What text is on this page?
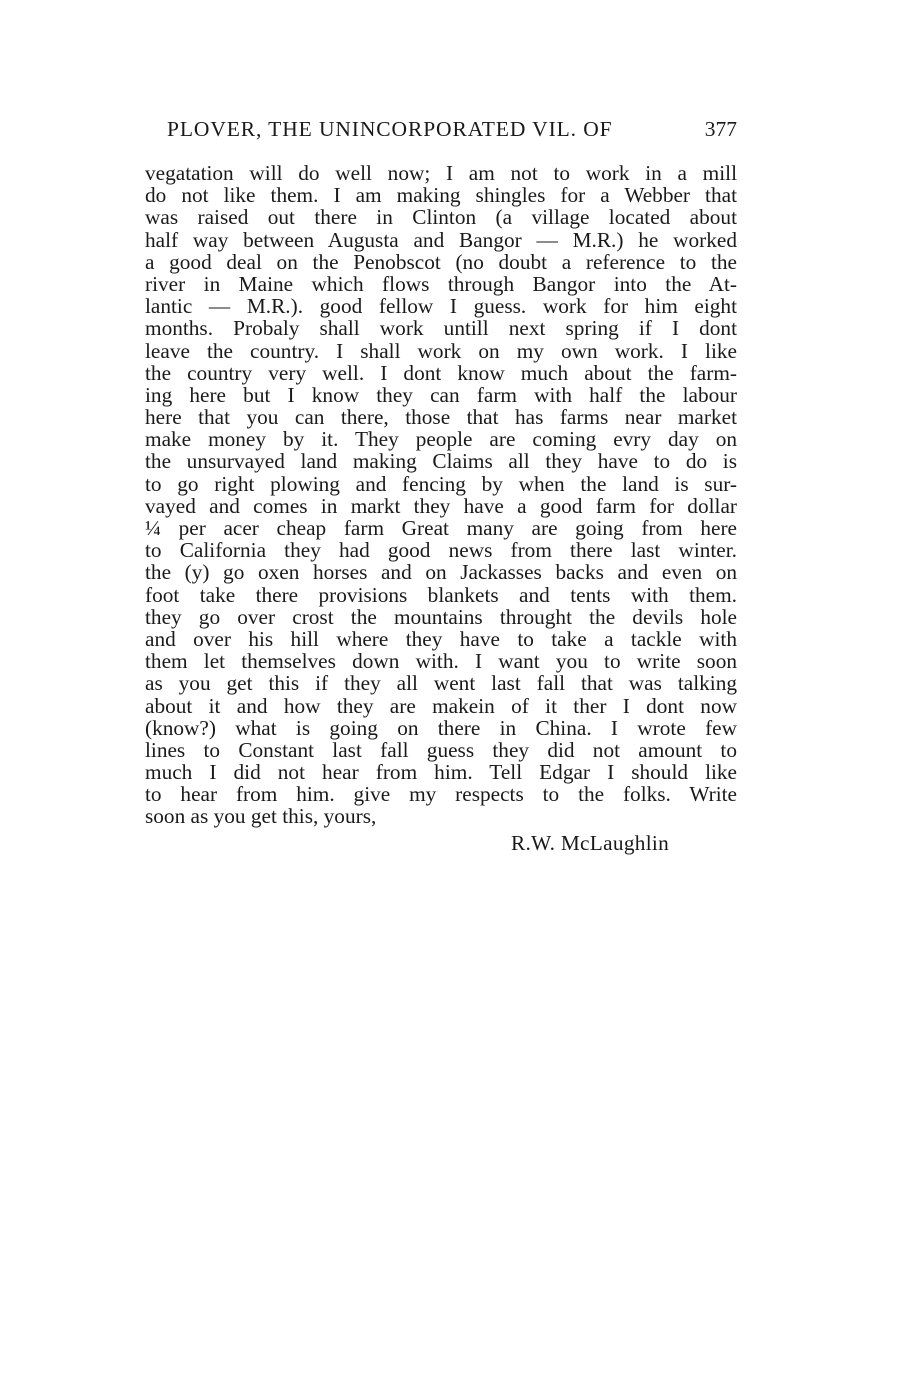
PLOVER, THE UNINCORPORATED VIL. OF	377
vegatation will do well now; I am not to work in a mill
do not like them. I am making shingles for a Webber that
was raised out there in Clinton (a village located about
half way between Augusta and Bangor — M.R.) he worked
a good deal on the Penobscot (no doubt a reference to the
river in Maine which flows through Bangor into the At-
lantic — M.R.). good fellow I guess. work for him eight
months. Probaly shall work untill next spring if I dont
leave the country. I shall work on my own work. I like
the country very well. I dont know much about the farm-
ing here but I know they can farm with half the labour
here that you can there, those that has farms near market
make money by it. They people are coming evry day on
the unsurvayed land making Claims all they have to do is
to go right plowing and fencing by when the land is sur-
vayed and comes in markt they have a good farm for dollar
¼ per acer cheap farm Great many are going from here
to California they had good news from there last winter.
the (y) go oxen horses and on Jackasses backs and even on
foot take there provisions blankets and tents with them.
they go over crost the mountains throught the devils hole
and over his hill where they have to take a tackle with
them let themselves down with. I want you to write soon
as you get this if they all went last fall that was talking
about it and how they are makein of it ther I dont now
(know?) what is going on there in China. I wrote few
lines to Constant last fall guess they did not amount to
much I did not hear from him. Tell Edgar I should like
to hear from him. give my respects to the folks. Write
soon as you get this, yours,
R.W. McLaughlin
